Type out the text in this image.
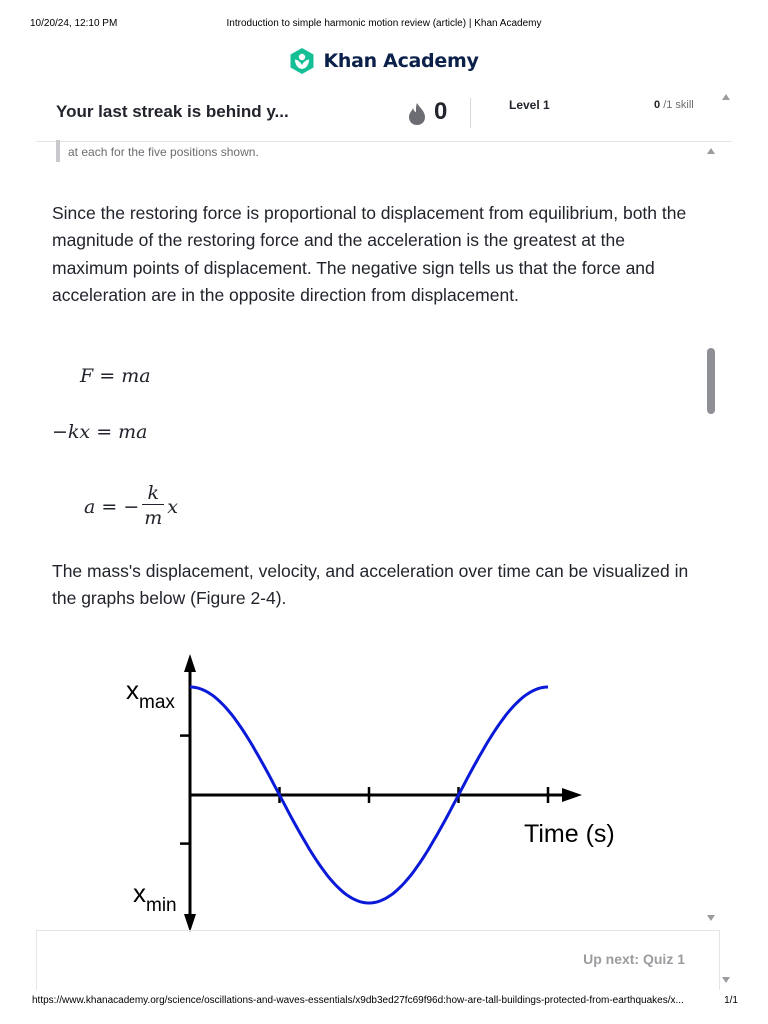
10/20/24, 12:10 PM	Introduction to simple harmonic motion review (article) | Khan Academy
Khan Academy
Your last streak is behind y...	0	Level 1	0 /1 skill
at each for the five positions shown.

Since the restoring force is proportional to displacement from equilibrium, both the magnitude of the restoring force and the acceleration is the greatest at the maximum points of displacement. The negative sign tells us that the force and acceleration are in the opposite direction from displacement.

F = ma
−kx = ma
a = − $\frac{k}{m}$ x

The mass's displacement, velocity, and acceleration over time can be visualized in the graphs below (Figure 2-4).

$x_{max}$
$x_{min}$
Time (s)
Up next: Quiz 1
https://www.khanacademy.org/science/oscillations-and-waves-essentials/x9db3ed27fc69f96d:how-are-tall-buildings-protected-from-earthquakes/x...	1/1
